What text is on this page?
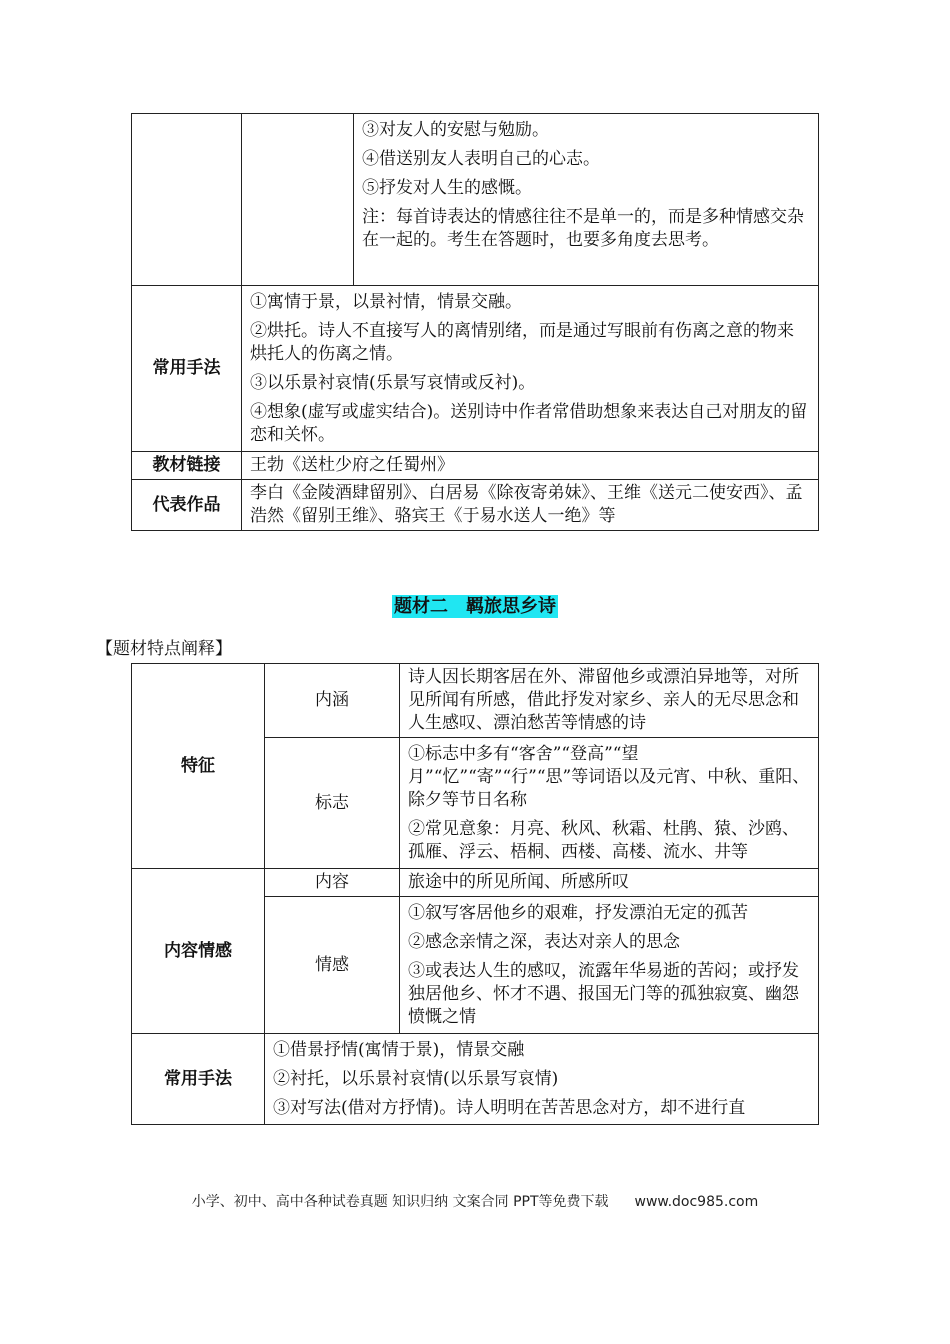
		③对友人的安慰与勉励。
④借送别友人表明自己的心志。
⑤抒发对人生的感慨。
注：每首诗表达的情感往往不是单一的，而是多种情感交杂在一起的。考生在答题时，也要多角度去思考。

常用手法	①寓情于景，以景衬情，情景交融。
②烘托。诗人不直接写人的离情别绪，而是通过写眼前有伤离之意的物来烘托人的伤离之情。
③以乐景衬哀情(乐景写哀情或反衬)。
④想象(虚写或虚实结合)。送别诗中作者常借助想象来表达自己对朋友的留恋和关怀。	

教材链接	王勃《送杜少府之任蜀州》	
代表作品	李白《金陵酒肆留别》、白居易《除夜寄弟妹》、王维《送元二使安西》、孟浩然《留别王维》、骆宾王《于易水送人一绝》等	
题材二　羁旅思乡诗
【题材特点阐释】
特征	内涵	诗人因长期客居在外、滞留他乡或漂泊异地等，对所见所闻有所感，借此抒发对家乡、亲人的无尽思念和人生感叹、漂泊愁苦等情感的诗
	标志	①标志中多有“客舍”“登高”“望月”“忆”“寄”“行”“思”等词语以及元宵、中秋、重阳、除夕等节日名称
②常见意象：月亮、秋风、秋霜、杜鹃、猿、沙鸥、孤雁、浮云、梧桐、西楼、高楼、流水、井等

内容情感	内容	旅途中的所见所闻、所感所叹
	情感	①叙写客居他乡的艰难，抒发漂泊无定的孤苦
②感念亲情之深，表达对亲人的思念
③或表达人生的感叹，流露年华易逝的苦闷；或抒发独居他乡、怀才不遇、报国无门等的孤独寂寞、幽怨愤慨之情

常用手法	①借景抒情(寓情于景)，情景交融
②衬托，以乐景衬哀情(以乐景写哀情)
③对写法(借对方抒情)。诗人明明在苦苦思念对方，却不进行直	
小学、初中、高中各种试卷真题 知识归纳 文案合同 PPT等免费下载 www.doc985.com
